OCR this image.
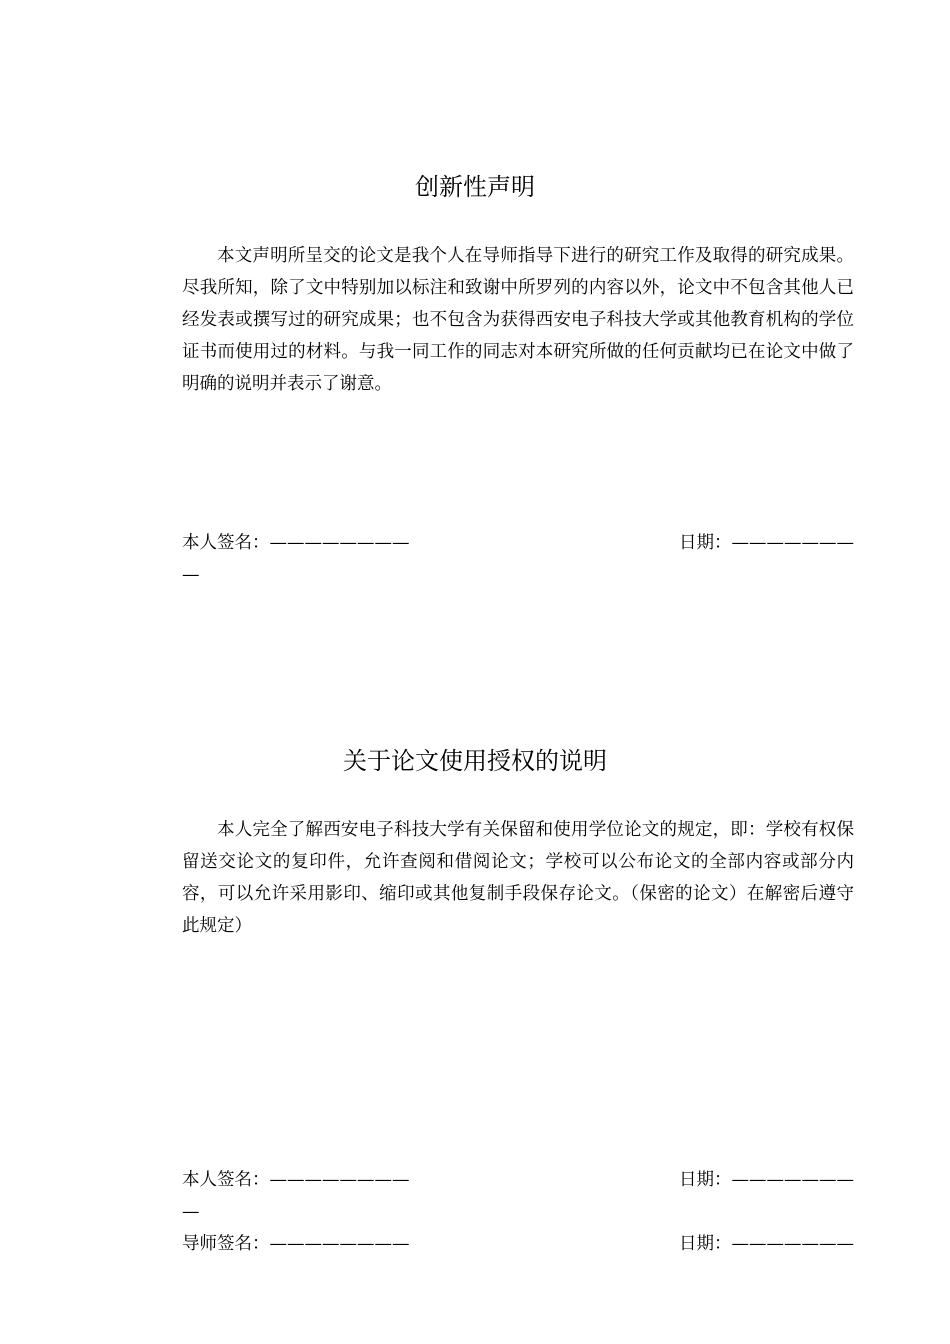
创新性声明

本文声明所呈交的论文是我个人在导师指导下进行的研究工作及取得的研究成果。尽我所知，除了文中特别加以标注和致谢中所罗列的内容以外，论文中不包含其他人已经发表或撰写过的研究成果；也不包含为获得西安电子科技大学或其他教育机构的学位证书而使用过的材料。与我一同工作的同志对本研究所做的任何贡献均已在论文中做了明确的说明并表示了谢意。

本人签名：————————	日期：———————
—
关于论文使用授权的说明

本人完全了解西安电子科技大学有关保留和使用学位论文的规定，即：学校有权保留送交论文的复印件，允许查阅和借阅论文；学校可以公布论文的全部内容或部分内容，可以允许采用影印、缩印或其他复制手段保存论文。（保密的论文）在解密后遵守此规定）

本人签名：————————	日期：———————
—
导师签名：————————	日期：———————
